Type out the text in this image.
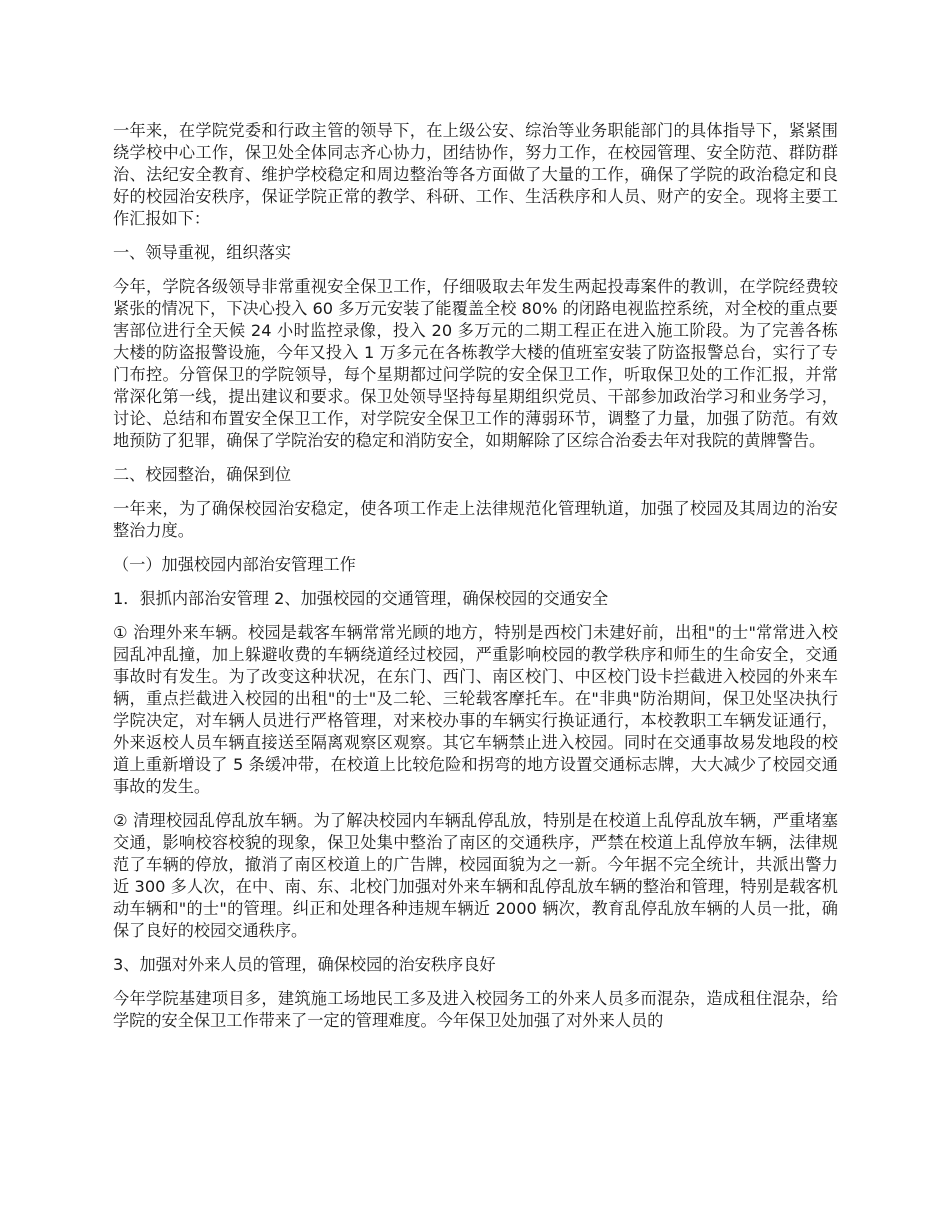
一年来，在学院党委和行政主管的领导下，在上级公安、综治等业务职能部门的具体指导下，紧紧围绕学校中心工作，保卫处全体同志齐心协力，团结协作，努力工作，在校园管理、安全防范、群防群治、法纪安全教育、维护学校稳定和周边整治等各方面做了大量的工作，确保了学院的政治稳定和良好的校园治安秩序，保证学院正常的教学、科研、工作、生活秩序和人员、财产的安全。现将主要工作汇报如下：

一、领导重视，组织落实

今年，学院各级领导非常重视安全保卫工作，仔细吸取去年发生两起投毒案件的教训，在学院经费较紧张的情况下，下决心投入 60 多万元安装了能覆盖全校 80% 的闭路电视监控系统，对全校的重点要害部位进行全天候 24 小时监控录像，投入 20 多万元的二期工程正在进入施工阶段。为了完善各栋大楼的防盗报警设施，今年又投入 1 万多元在各栋教学大楼的值班室安装了防盗报警总台，实行了专门布控。分管保卫的学院领导，每个星期都过问学院的安全保卫工作，听取保卫处的工作汇报，并常常深化第一线，提出建议和要求。保卫处领导坚持每星期组织党员、干部参加政治学习和业务学习，讨论、总结和布置安全保卫工作，对学院安全保卫工作的薄弱环节，调整了力量，加强了防范。有效地预防了犯罪，确保了学院治安的稳定和消防安全，如期解除了区综合治委去年对我院的黄牌警告。

二、校园整治，确保到位

一年来，为了确保校园治安稳定，使各项工作走上法律规范化管理轨道，加强了校园及其周边的治安整治力度。

（一）加强校园内部治安管理工作

1．狠抓内部治安管理 2、加强校园的交通管理，确保校园的交通安全

① 治理外来车辆。校园是载客车辆常常光顾的地方，特别是西校门未建好前，出租"的士"常常进入校园乱冲乱撞，加上躲避收费的车辆绕道经过校园，严重影响校园的教学秩序和师生的生命安全，交通事故时有发生。为了改变这种状况，在东门、西门、南区校门、中区校门设卡拦截进入校园的外来车辆，重点拦截进入校园的出租"的士"及二轮、三轮载客摩托车。在"非典"防治期间，保卫处坚决执行学院决定，对车辆人员进行严格管理，对来校办事的车辆实行换证通行，本校教职工车辆发证通行，外来返校人员车辆直接送至隔离观察区观察。其它车辆禁止进入校园。同时在交通事故易发地段的校道上重新增设了 5 条缓冲带，在校道上比较危险和拐弯的地方设置交通标志牌，大大减少了校园交通事故的发生。

② 清理校园乱停乱放车辆。为了解决校园内车辆乱停乱放，特别是在校道上乱停乱放车辆，严重堵塞交通，影响校容校貌的现象，保卫处集中整治了南区的交通秩序，严禁在校道上乱停放车辆，法律规范了车辆的停放，撤消了南区校道上的广告牌，校园面貌为之一新。今年据不完全统计，共派出警力近 300 多人次，在中、南、东、北校门加强对外来车辆和乱停乱放车辆的整治和管理，特别是载客机动车辆和"的士"的管理。纠正和处理各种违规车辆近 2000 辆次，教育乱停乱放车辆的人员一批，确保了良好的校园交通秩序。

3、加强对外来人员的管理，确保校园的治安秩序良好

今年学院基建项目多，建筑施工场地民工多及进入校园务工的外来人员多而混杂，造成租住混杂，给学院的安全保卫工作带来了一定的管理难度。今年保卫处加强了对外来人员的
